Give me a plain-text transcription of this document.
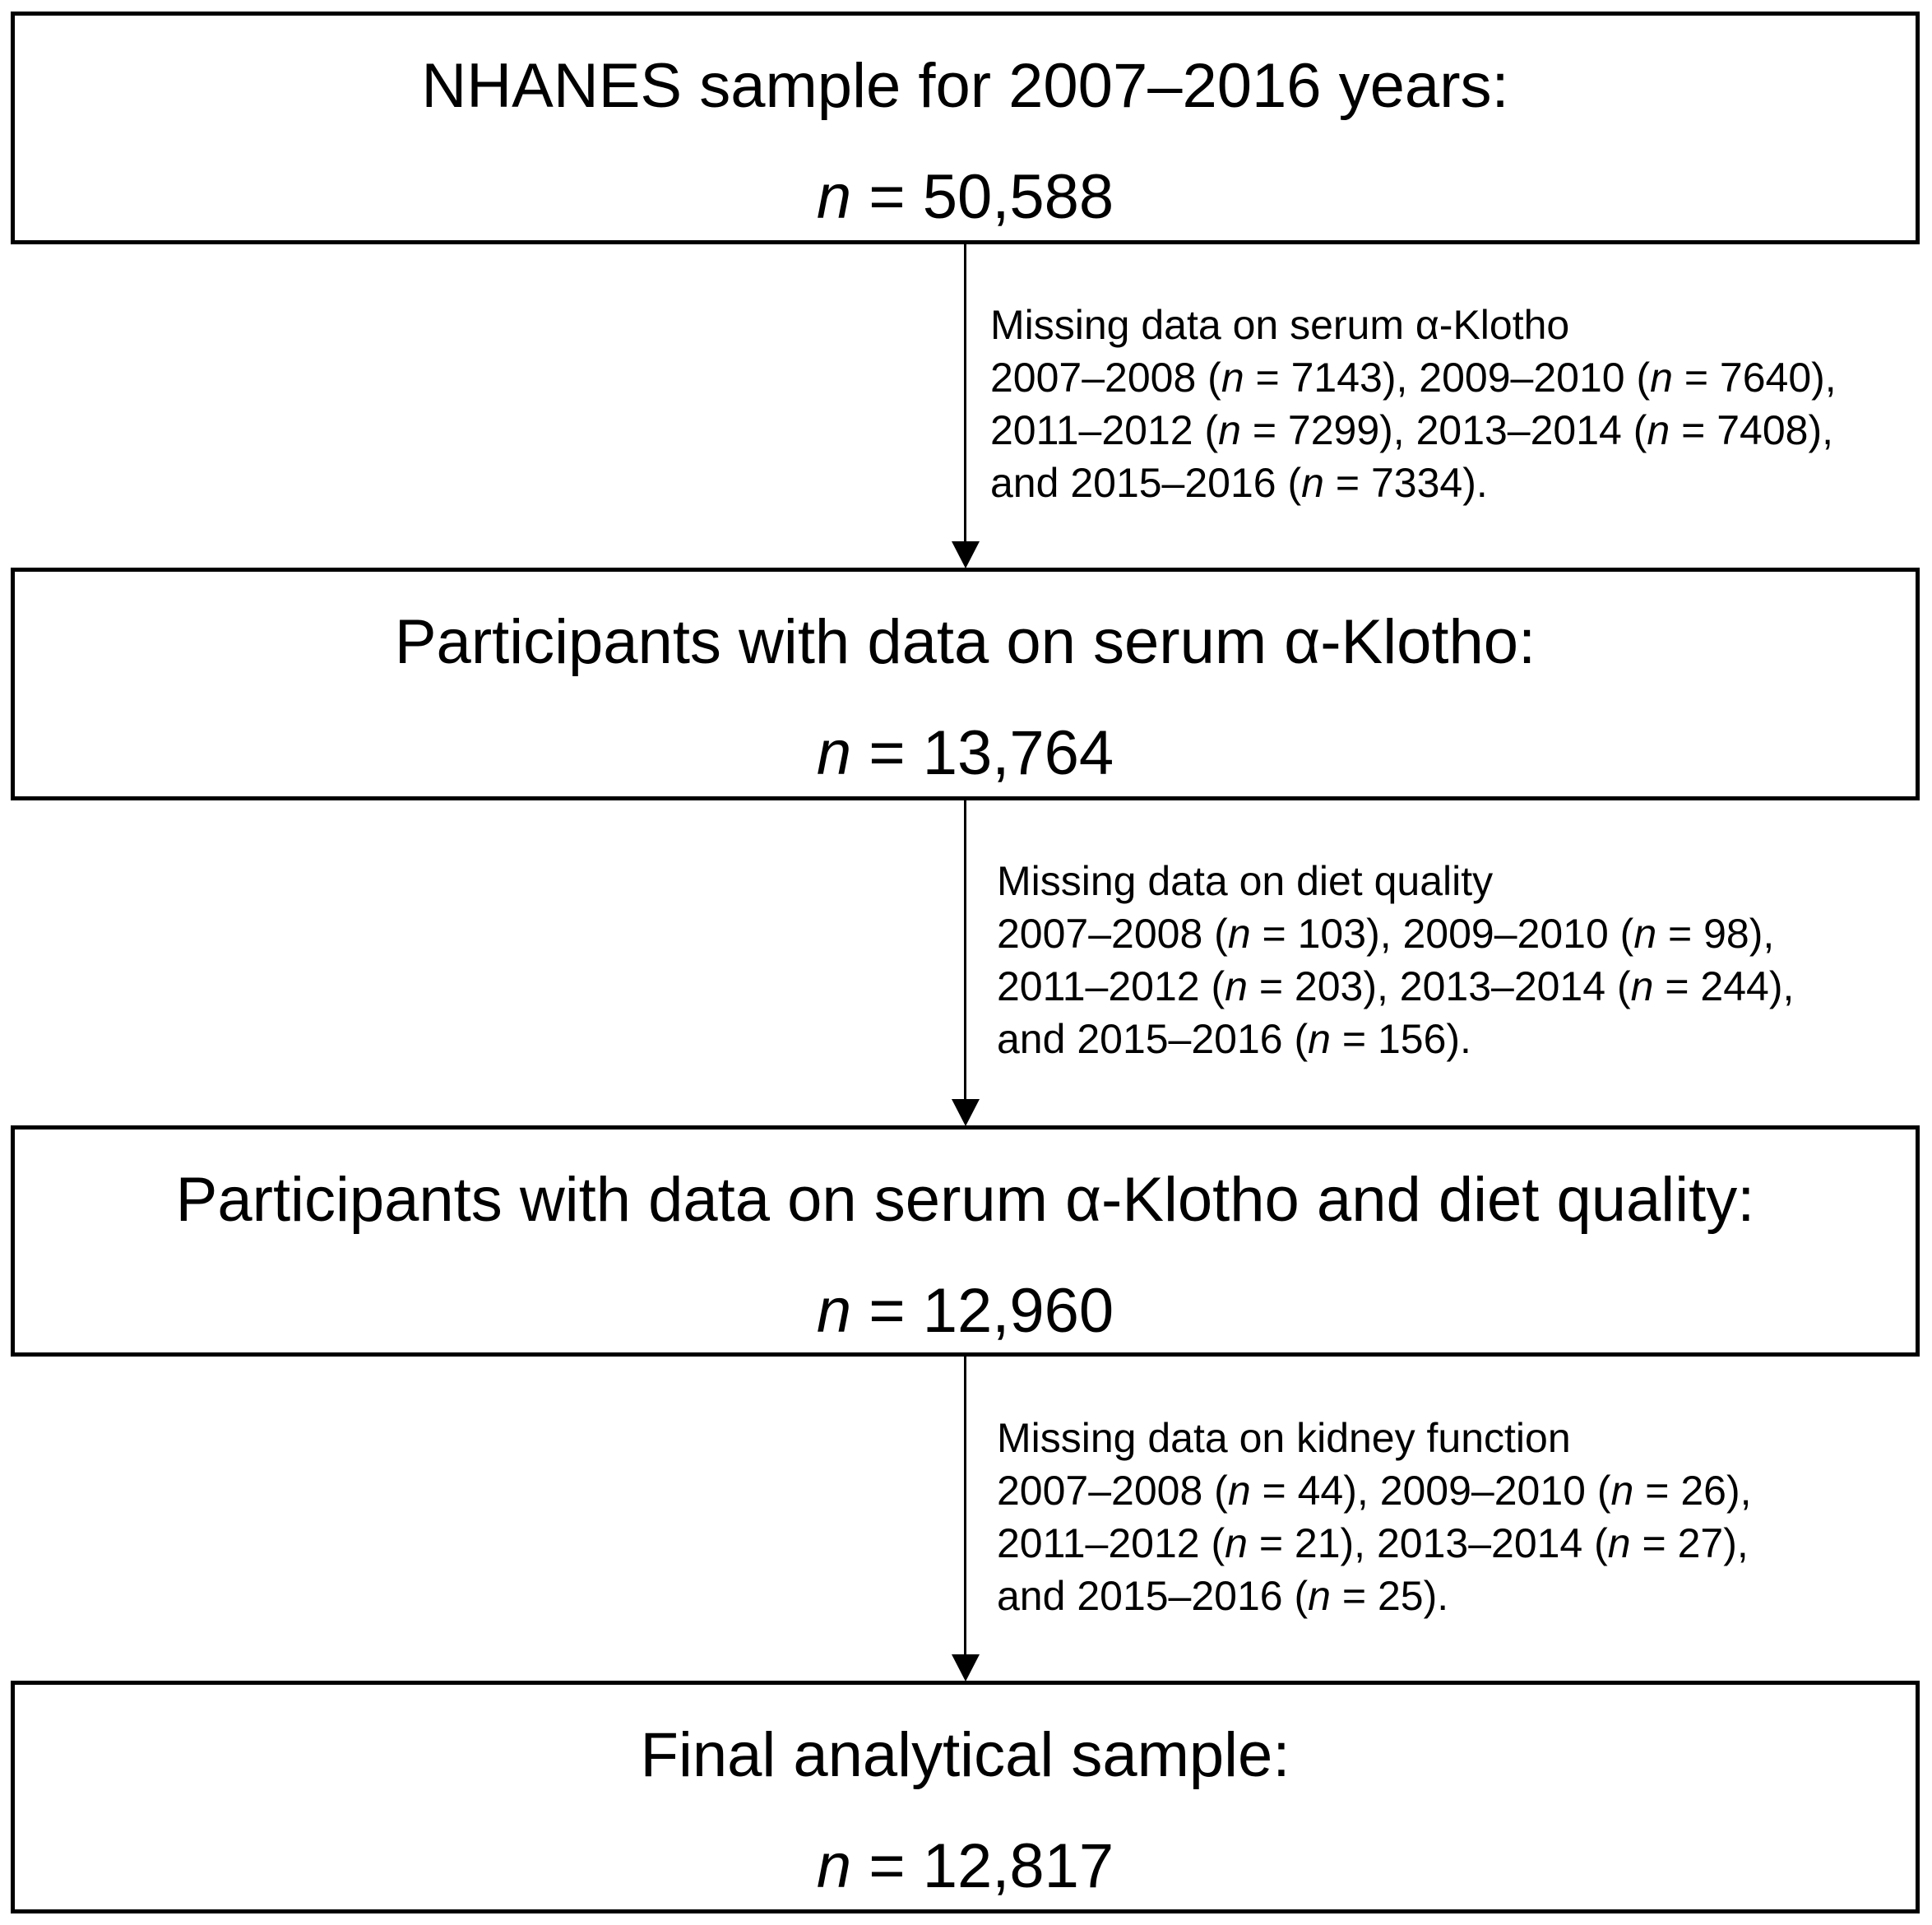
NHANES sample for 2007–2016 years:
n = 50,588
Missing data on serum α-Klotho
2007–2008 (n = 7143), 2009–2010 (n = 7640),
2011–2012 (n = 7299), 2013–2014 (n = 7408),
and 2015–2016 (n = 7334).
Participants with data on serum α-Klotho:
n = 13,764
Missing data on diet quality
2007–2008 (n = 103), 2009–2010 (n = 98),
2011–2012 (n = 203), 2013–2014 (n = 244),
and 2015–2016 (n = 156).
Participants with data on serum α-Klotho and diet quality:
n = 12,960
Missing data on kidney function
2007–2008 (n = 44), 2009–2010 (n = 26),
2011–2012 (n = 21), 2013–2014 (n = 27),
and 2015–2016 (n = 25).
Final analytical sample:
n = 12,817
